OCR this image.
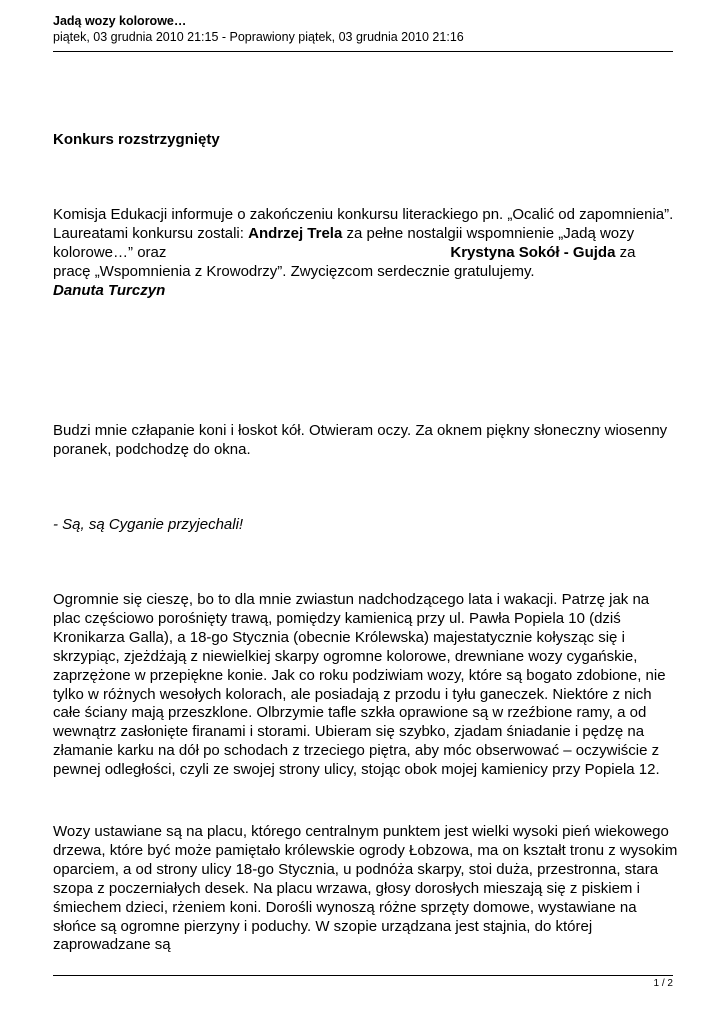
Jadą wozy kolorowe…
piątek, 03 grudnia 2010 21:15 - Poprawiony piątek, 03 grudnia 2010 21:16
Konkurs rozstrzygnięty
Komisja Edukacji informuje o zakończeniu konkursu literackiego pn. „Ocalić od zapomnienia”.
Laureatami konkursu zostali: Andrzej Trela za pełne nostalgii wspomnienie „Jadą wozy
kolorowe…” oraz	Krystyna Sokół - Gujda za
pracę „Wspomnienia z Krowodrzy”. Zwycięzcom serdecznie gratulujemy.
Danuta Turczyn
Budzi mnie człapanie koni i łoskot kół. Otwieram oczy. Za oknem piękny słoneczny wiosenny poranek, podchodzę do okna.
- Są, są Cyganie przyjechali!
Ogromnie się cieszę, bo to dla mnie zwiastun nadchodzącego lata i wakacji. Patrzę jak na plac częściowo porośnięty trawą, pomiędzy kamienicą przy ul. Pawła Popiela 10 (dziś Kronikarza Galla), a 18-go Stycznia (obecnie Królewska) majestatycznie kołysząc się i skrzypiąc, zjeżdżają z niewielkiej skarpy ogromne kolorowe, drewniane wozy cygańskie, zaprzężone w przepiękne konie. Jak co roku podziwiam wozy, które są bogato zdobione, nie tylko w różnych wesołych kolorach, ale posiadają z przodu i tyłu ganeczek. Niektóre z nich całe ściany mają przeszklone. Olbrzymie tafle szkła oprawione są w rzeźbione ramy, a od wewnątrz zasłonięte firanami i storami. Ubieram się szybko, zjadam śniadanie i pędzę na złamanie karku na dół po schodach z trzeciego piętra, aby móc obserwować – oczywiście z pewnej odległości, czyli ze swojej strony ulicy, stojąc obok mojej kamienicy przy Popiela 12.
Wozy ustawiane są na placu, którego centralnym punktem jest wielki wysoki pień wiekowego drzewa, które być może pamiętało królewskie ogrody Łobzowa, ma on kształt tronu z wysokim oparciem, a od strony ulicy 18-go Stycznia, u podnóża skarpy, stoi duża, przestronna, stara szopa z poczerniałych desek. Na placu wrzawa, głosy dorosłych mieszają się z piskiem i śmiechem dzieci, rżeniem koni. Dorośli wynoszą różne sprzęty domowe, wystawiane na słońce są ogromne pierzyny i poduchy. W szopie urządzana jest stajnia, do której zaprowadzane są
1 / 2
